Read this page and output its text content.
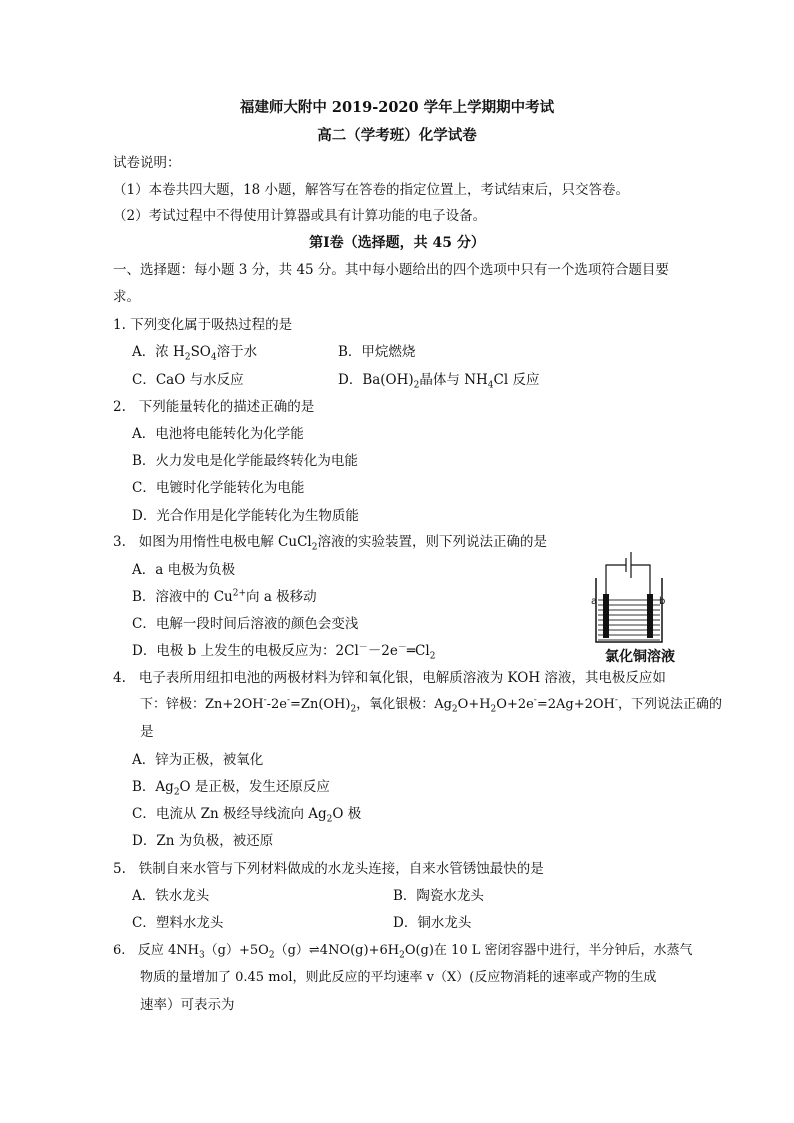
福建师大附中 2019-2020 学年上学期期中考试
高二（学考班）化学试卷
试卷说明：
（1）本卷共四大题，18 小题，解答写在答卷的指定位置上，考试结束后，只交答卷。
（2）考试过程中不得使用计算器或具有计算功能的电子设备。
第Ⅰ卷（选择题，共 45 分）
一、选择题：每小题 3 分，共 45 分。其中每小题给出的四个选项中只有一个选项符合题目要
求。
1. 下列变化属于吸热过程的是
A．浓 $H_2SO_4$溶于水	B．甲烷燃烧
C．CaO 与水反应	D．$Ba(OH)_2$晶体与 $NH_4Cl$ 反应
2. 下列能量转化的描述正确的是
A．电池将电能转化为化学能
B．火力发电是化学能最终转化为电能
C．电镀时化学能转化为电能
D．光合作用是化学能转化为生物质能
3. 如图为用惰性电极电解 CuCl$_2$溶液的实验装置，则下列说法正确的是
A．a 电极为负极
B．溶液中的 $Cu^{2+}$向 a 极移动
C．电解一段时间后溶液的颜色会变浅
D．电极 b 上发生的电极反应为：$2Cl^--2e^-═Cl_2$
a	b
氯化铜溶液
4. 电子表所用纽扣电池的两极材料为锌和氧化银，电解质溶液为 KOH 溶液，其电极反应如
下：锌极：$Zn+2OH^--2e^-=Zn(OH)_2$，氧化银极：$Ag_2O+H_2O+2e^-=2Ag+2OH^-$，下列说法正确的
是
A．锌为正极，被氧化
B．$Ag_2O$ 是正极，发生还原反应
C．电流从 Zn 极经导线流向 $Ag_2O$ 极
D．Zn 为负极，被还原
5. 铁制自来水管与下列材料做成的水龙头连接，自来水管锈蚀最快的是
A．铁水龙头	B．陶瓷水龙头
C．塑料水龙头	D．铜水龙头
6. 反应 $4NH_3(g)+5O_2(g)\rightleftharpoons 4NO(g)+6H_2O(g)$在 10 L 密闭容器中进行，半分钟后，水蒸气
物质的量增加了 0.45 mol，则此反应的平均速率 v（X）(反应物消耗的速率或产物的生成
速率）可表示为
